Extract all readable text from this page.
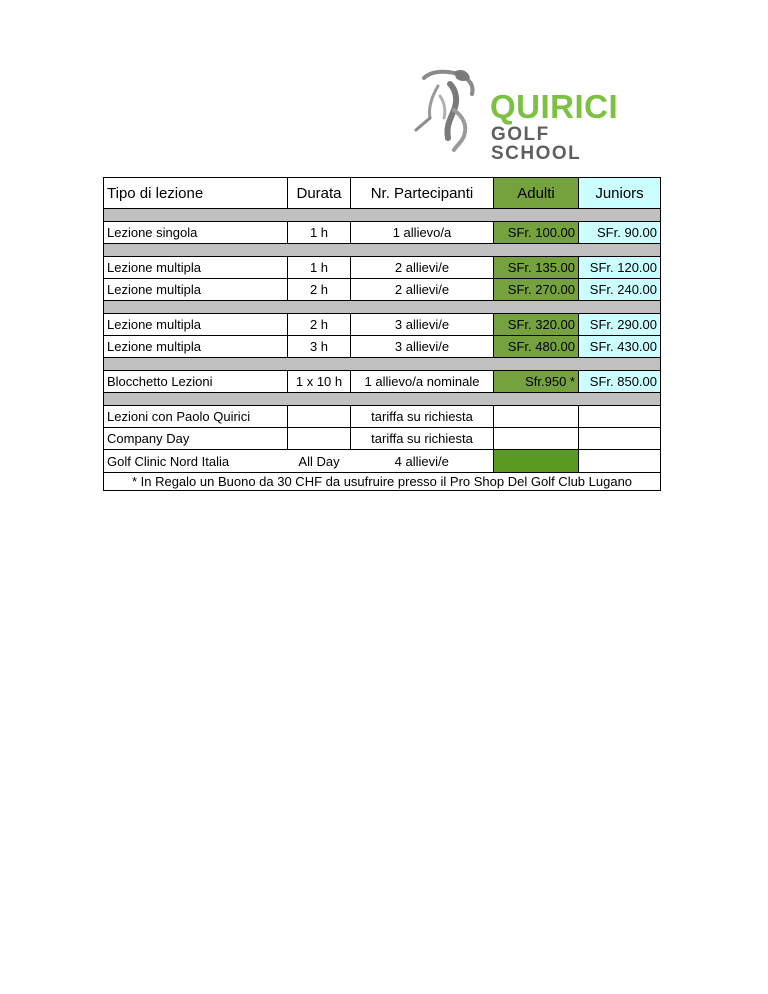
QUIRICI
GOLF SCHOOL
Tipo di lezione	Durata	Nr. Partecipanti	Adulti	Juniors

Lezione singola	1 h	1 allievo/a	SFr. 100.00	SFr. 90.00

Lezione multipla	1 h	2 allievi/e	SFr. 135.00	SFr. 120.00
Lezione multipla	2 h	2 allievi/e	SFr. 270.00	SFr. 240.00

Lezione multipla	2 h	3 allievi/e	SFr. 320.00	SFr. 290.00
Lezione multipla	3 h	3 allievi/e	SFr. 480.00	SFr. 430.00

Blocchetto Lezioni	1 x 10 h	1 allievo/a nominale	Sfr.950 *	SFr. 850.00

Lezioni con Paolo Quirici		tariffa su richiesta		
Company Day		tariffa su richiesta		
Golf Clinic Nord Italia	All Day	4 allievi/e		
* In Regalo un Buono da 30 CHF da usufruire presso il Pro Shop Del Golf Club Lugano				
